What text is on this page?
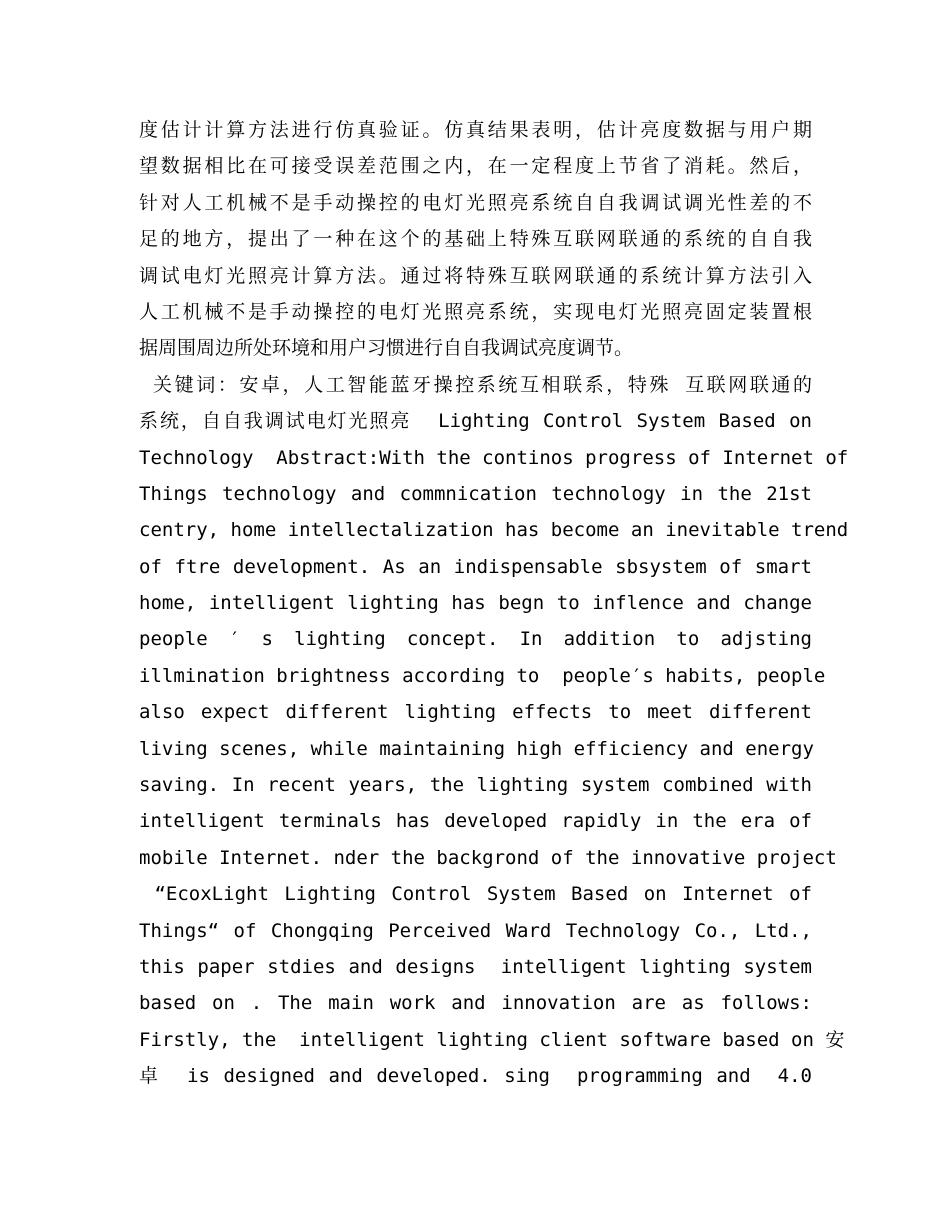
度估计计算方法进行仿真验证。仿真结果表明，估计亮度数据与用户期
望数据相比在可接受误差范围之内，在一定程度上节省了消耗。然后，
针对人工机械不是手动操控的电灯光照亮系统自自我调试调光性差的不
足的地方，提出了一种在这个的基础上特殊互联网联通的系统的自自我
调试电灯光照亮计算方法。通过将特殊互联网联通的系统计算方法引入
人工机械不是手动操控的电灯光照亮系统，实现电灯光照亮固定装置根
据周围周边所处环境和用户习惯进行自自我调试亮度调节。
关键词：安卓，人工智能蓝牙操控系统互相联系，特殊 互联网联通的
系统，自自我调试电灯光照亮  Lighting Control System Based on
Technology  Abstract:With the continos progress of Internet of
Things technology and commnication technology in the 21st
centry, home intellectalization has become an inevitable trend
of ftre development. As an indispensable sbsystem of smart
home, intelligent lighting has begn to inflence and change
people ′ s lighting concept. In addition to adjsting
illmination brightness according to  people′s habits, people
also expect different lighting effects to meet different
living scenes, while maintaining high efficiency and energy
saving. In recent years, the lighting system combined with
intelligent terminals has developed rapidly in the era of
mobile Internet. nder the backgrond of the innovative project
“EcoxLight Lighting Control System Based on Internet of
Things“ of Chongqing Perceived Ward Technology Co., Ltd.,
this paper stdies and designs  intelligent lighting system
based on . The main work and innovation are as follows:
Firstly, the  intelligent lighting client software based on 安
卓  is designed and developed. sing  programming and  4.0
